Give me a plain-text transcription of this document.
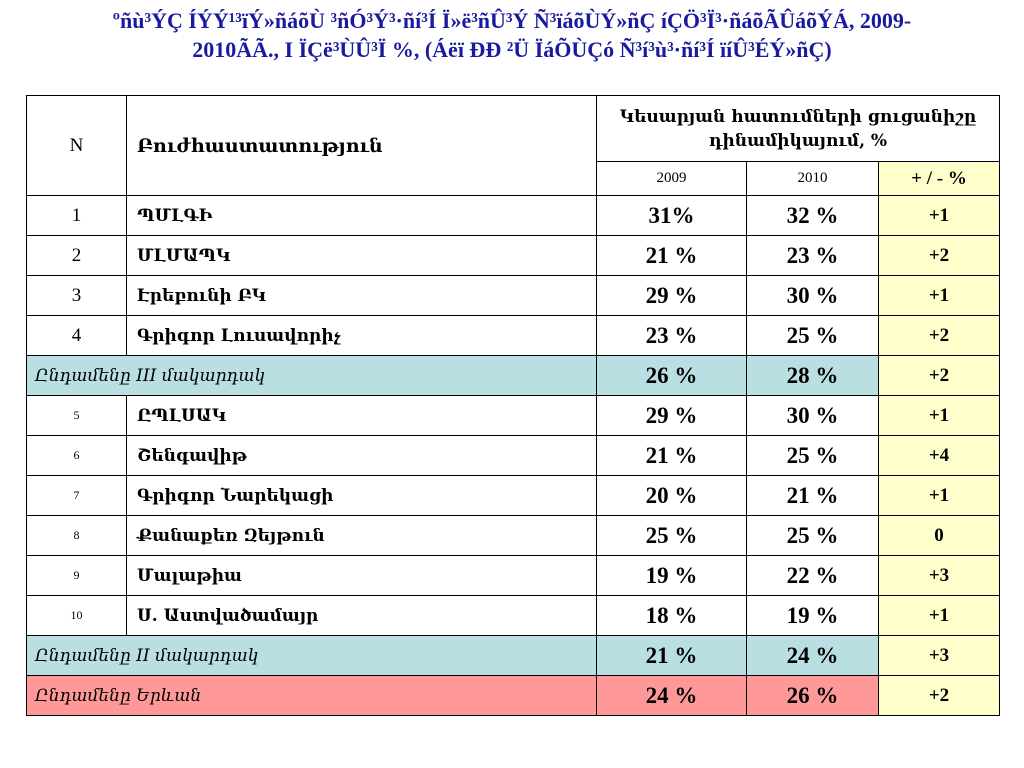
ºñù³ÝÇ ÍÝÝ¹³ïÝ»ñáõÙ ³ñÓ³Ý³·ñí³Í Ï»ë³ñÛ³Ý Ñ³ïáõÙÝ»ñÇ íÇÖ³Ï³·ñáõÃÛáõÝÁ, 2009-
2010ÃÃ., I ÏÇë³ÙÛ³Ï %, (Áëï ÐÐ ²Ü ÏáÕÙÇó Ñ³í³ù³·ñí³Í ïíÛ³ÉÝ»ñÇ)
N	Բուժհաստատություն	Կեսարյան հատումների ցուցանիշը դինամիկայում, %		
		2009	2010	+ / - %
1	ՊՄԼԳԻ	31%	32 %	+1
2	ՄԼՄԱՊԿ	21 %	23 %	+2
3	Էրեբունի ԲԿ	29 %	30 %	+1
4	Գրիգոր Լուսավորիչ	23 %	25 %	+2
Ընդամենը III մակարդակ		26 %	28 %	+2
5	ԸՊԼՍԱԿ	29 %	30 %	+1
6	Շենգավիթ	21 %	25 %	+4
7	Գրիգոր Նարեկացի	20 %	21 %	+1
8	Քանաքեռ Զեյթուն	25 %	25 %	0
9	Մալաթիա	19 %	22 %	+3
10	Ս. Աստվածամայր	18 %	19 %	+1
Ընդամենը II մակարդակ		21 %	24 %	+3
Ընդամենը Երևան		24 %	26 %	+2
